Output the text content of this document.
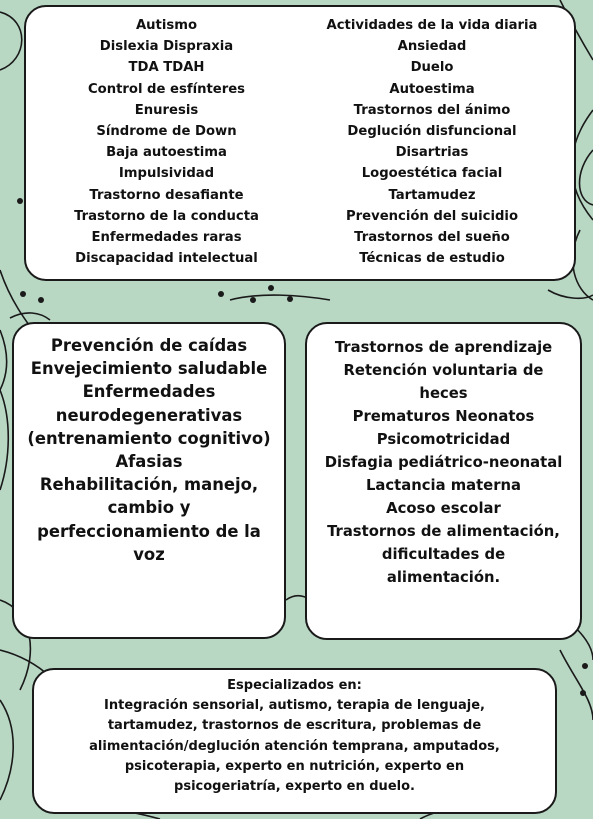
Autismo
Dislexia Dispraxia
TDA TDAH
Control de esfínteres
Enuresis
Síndrome de Down
Baja autoestima
Impulsividad
Trastorno desafiante
Trastorno de la conducta
Enfermedades raras
Discapacidad intelectual
Actividades de la vida diaria
Ansiedad
Duelo
Autoestima
Trastornos del ánimo
Deglución disfuncional
Disartrias
Logoestética facial
Tartamudez
Prevención del suicidio
Trastornos del sueño
Técnicas de estudio
Prevención de caídas
Envejecimiento saludable
Enfermedades
neurodegenerativas
(entrenamiento cognitivo)
Afasias
Rehabilitación, manejo,
cambio y
perfeccionamiento de la
voz
Trastornos de aprendizaje
Retención voluntaria de
heces
Prematuros Neonatos
Psicomotricidad
Disfagia pediátrico-neonatal
Lactancia materna
Acoso escolar
Trastornos de alimentación,
dificultades de
alimentación.
Especializados en:
Integración sensorial, autismo, terapia de lenguaje,
tartamudez, trastornos de escritura, problemas de
alimentación/deglución atención temprana, amputados,
psicoterapia, experto en nutrición, experto en
psicogeriatría, experto en duelo.
